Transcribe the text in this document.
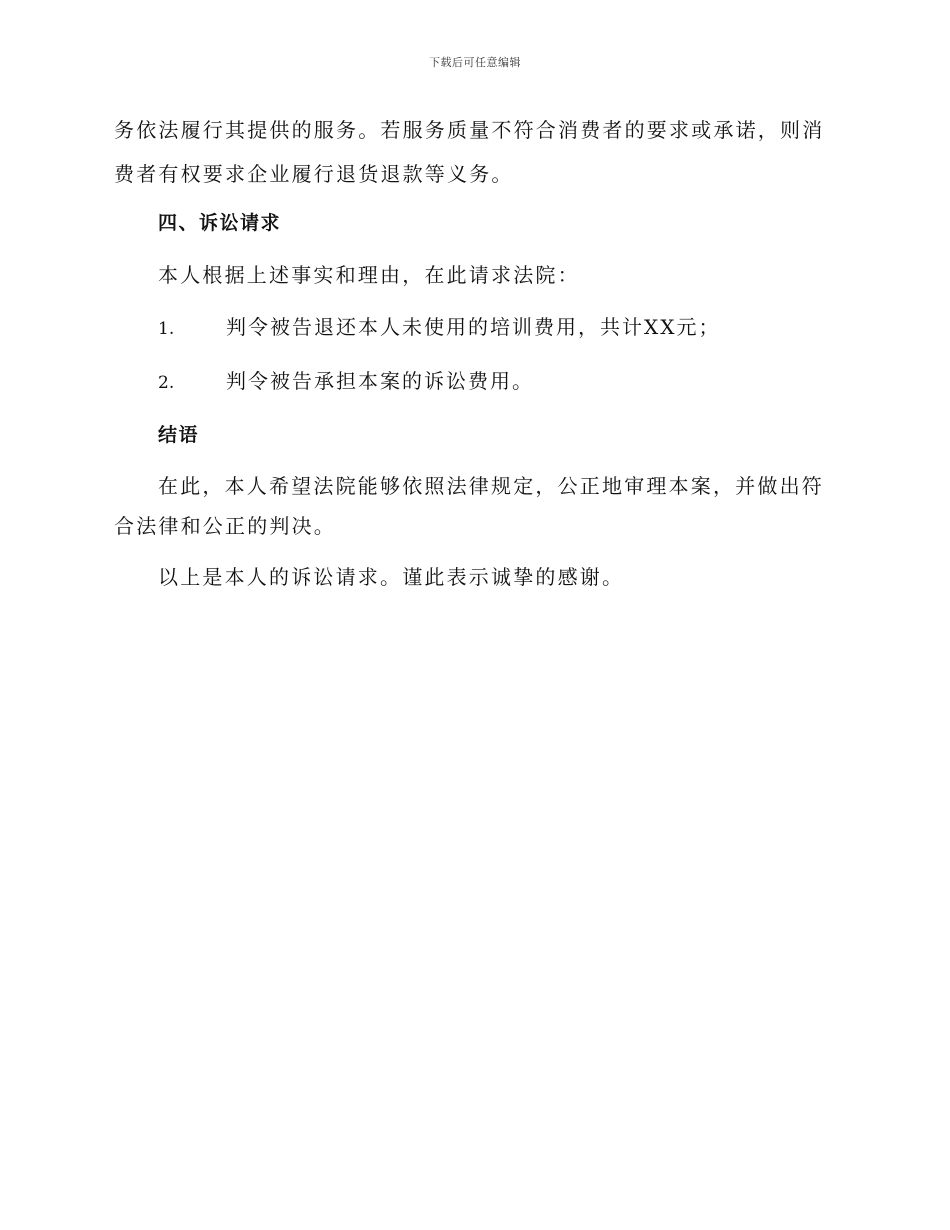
下载后可任意编辑

务依法履行其提供的服务。若服务质量不符合消费者的要求或承诺，则消费者有权要求企业履行退货退款等义务。

四、诉讼请求

本人根据上述事实和理由，在此请求法院：

1.	判令被告退还本人未使用的培训费用，共计XX元；

2.	判令被告承担本案的诉讼费用。

结语

在此，本人希望法院能够依照法律规定，公正地审理本案，并做出符合法律和公正的判决。

以上是本人的诉讼请求。谨此表示诚挚的感谢。
